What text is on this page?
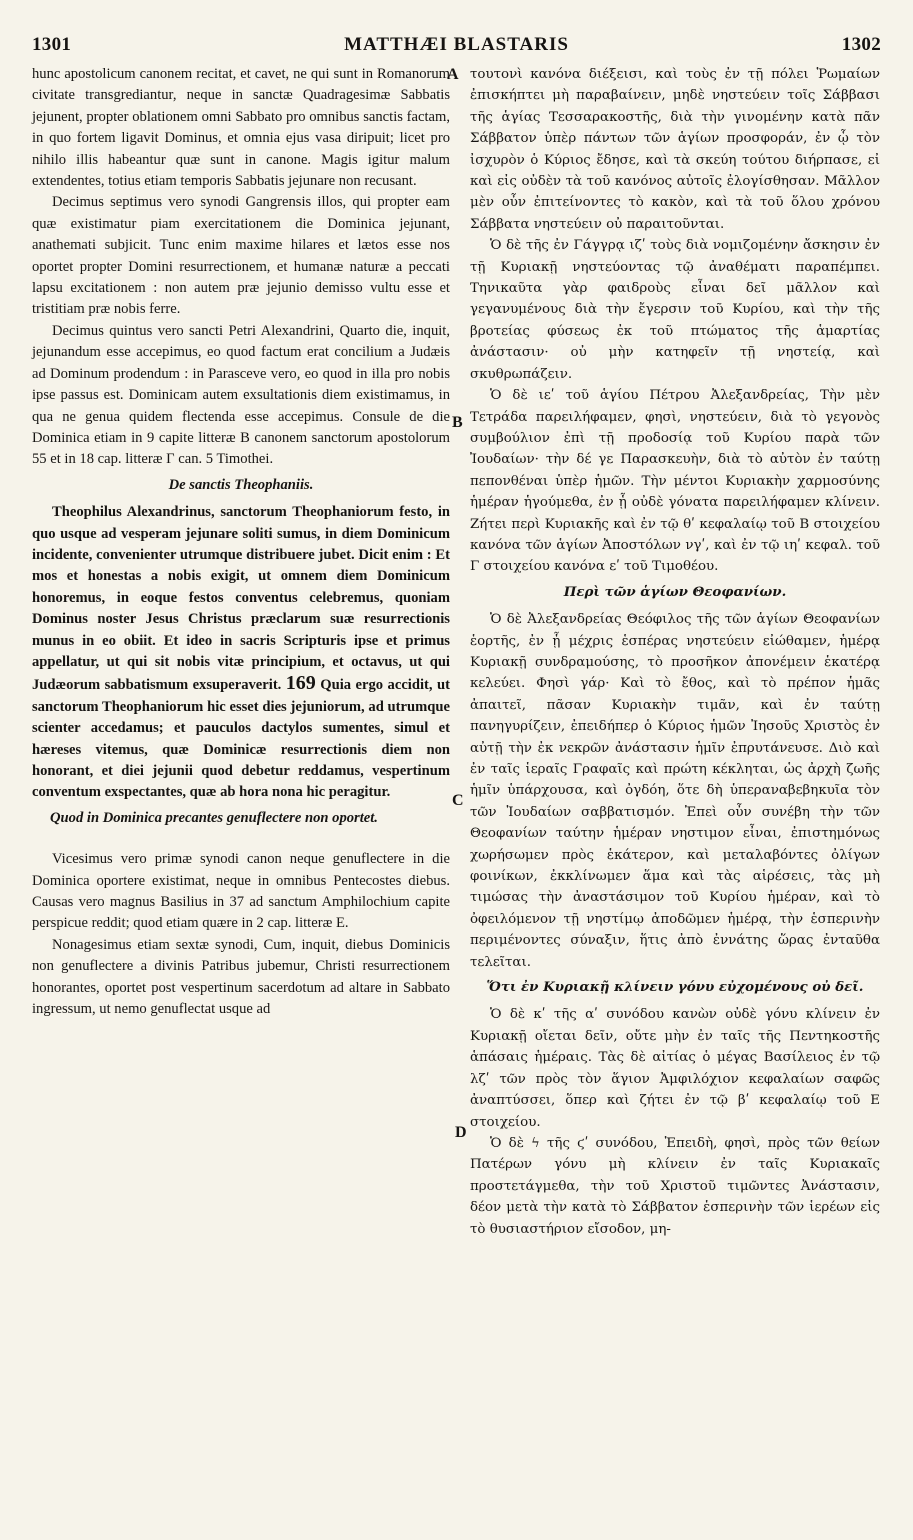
1301	MATTHÆI BLASTARIS	1302
A
B
C
D

hunc apostolicum canonem recitat, et cavet, ne qui sunt in Romanorum civitate transgrediantur, neque in sanctæ Quadragesimæ Sabbatis jejunent, propter oblationem omni Sabbato pro omnibus sanctis factam, in quo fortem ligavit Dominus, et omnia ejus vasa diripuit; licet pro nihilo illis habeantur quæ sunt in canone. Magis igitur malum extendentes, totius etiam temporis Sabbatis jejunare non recusant.

Decimus septimus vero synodi Gangrensis illos, qui propter eam quæ existimatur piam exercitationem die Dominica jejunant, anathemati subjicit. Tunc enim maxime hilares et lætos esse nos oportet propter Domini resurrectionem, et humanæ naturæ a peccati lapsu excitationem : non autem præ jejunio demisso vultu esse et tristitiam præ nobis ferre.

Decimus quintus vero sancti Petri Alexandrini, Quarto die, inquit, jejunandum esse accepimus, eo quod factum erat concilium a Judæis ad Dominum prodendum : in Parasceve vero, eo quod in illa pro nobis ipse passus est. Dominicam autem exsultationis diem existimamus, in qua ne genua quidem flectenda esse accepimus. Consule de die Dominica etiam in 9 capite litteræ B canonem sanctorum apostolorum 55 et in 18 cap. litteræ Γ can. 5 Timothei.

De sanctis Theophaniis.

Theophilus Alexandrinus, sanctorum Theophaniorum festo, in quo usque ad vesperam jejunare soliti sumus, in diem Dominicum incidente, convenienter utrumque distribuere jubet. Dicit enim : Et mos et honestas a nobis exigit, ut omnem diem Dominicum honoremus, in eoque festos conventus celebremus, quoniam Dominus noster Jesus Christus præclarum suæ resurrectionis munus in eo obiit. Et ideo in sacris Scripturis ipse et primus appellatur, ut qui sit nobis vitæ principium, et octavus, ut qui Judæorum sabbatismum exsuperaverit. 169 Quia ergo accidit, ut sanctorum Theophaniorum hic esset dies jejuniorum, ad utrumque scienter accedamus; et pauculos dactylos sumentes, simul et hæreses vitemus, quæ Dominicæ resurrectionis diem non honorant, et diei jejunii quod debetur reddamus, vespertinum conventum exspectantes, quæ ab hora nona hic peragitur.

Quod in Dominica precantes genuflectere non oportet.

Vicesimus vero primæ synodi canon neque genuflectere in die Dominica oportere existimat, neque in omnibus Pentecostes diebus. Causas vero magnus Basilius in 37 ad sanctum Amphilochium capite perspicue reddit; quod etiam quære in 2 cap. litteræ E.

Nonagesimus etiam sextæ synodi, Cum, inquit, diebus Dominicis non genuflectere a divinis Patribus jubemur, Christi resurrectionem honorantes, oportet post vespertinum sacerdotum ad altare in Sabbato ingressum, ut nemo genuflectat usque ad

τουτονὶ κανόνα διέξεισι, καὶ τοὺς ἐν τῇ πόλει Ῥωμαίων ἐπισκήπτει μὴ παραβαίνειν, μηδὲ νηστεύειν τοῖς Σάββασι τῆς ἁγίας Τεσσαρακοστῆς, διὰ τὴν γινομένην κατὰ πᾶν Σάββατον ὑπὲρ πάντων τῶν ἁγίων προσφοράν, ἐν ᾧ τὸν ἰσχυρὸν ὁ Κύριος ἔδησε, καὶ τὰ σκεύη τούτου διήρπασε, εἰ καὶ εἰς οὐδὲν τὰ τοῦ κανόνος αὐτοῖς ἐλογίσθησαν. Μᾶλλον μὲν οὖν ἐπιτείνοντες τὸ κακὸν, καὶ τὰ τοῦ ὅλου χρόνου Σάββατα νηστεύειν οὐ παραιτοῦνται.

Ὁ δὲ τῆς ἐν Γάγγρᾳ ιζʹ τοὺς διὰ νομιζομένην ἄσκησιν ἐν τῇ Κυριακῇ νηστεύοντας τῷ ἀναθέματι παραπέμπει. Τηνικαῦτα γὰρ φαιδροὺς εἶναι δεῖ μᾶλλον καὶ γεγανυμένους διὰ τὴν ἔγερσιν τοῦ Κυρίου, καὶ τὴν τῆς βροτείας φύσεως ἐκ τοῦ πτώματος τῆς ἁμαρτίας ἀνάστασιν· οὐ μὴν κατηφεῖν τῇ νηστείᾳ, καὶ σκυθρωπάζειν.

Ὁ δὲ ιεʹ τοῦ ἁγίου Πέτρου Ἀλεξανδρείας, Τὴν μὲν Τετράδα παρειλήφαμεν, φησὶ, νηστεύειν, διὰ τὸ γεγονὸς συμβούλιον ἐπὶ τῇ προδοσίᾳ τοῦ Κυρίου παρὰ τῶν Ἰουδαίων· τὴν δέ γε Παρασκευὴν, διὰ τὸ αὐτὸν ἐν ταύτῃ πεπονθέναι ὑπὲρ ἡμῶν. Τὴν μέντοι Κυριακὴν χαρμοσύνης ἡμέραν ἡγούμεθα, ἐν ᾗ οὐδὲ γόνατα παρειλήφαμεν κλίνειν. Ζήτει περὶ Κυριακῆς καὶ ἐν τῷ θʹ κεφαλαίῳ τοῦ Β στοιχείου κανόνα τῶν ἁγίων Ἀποστόλων νγʹ, καὶ ἐν τῷ ιηʹ κεφαλ. τοῦ Γ στοιχείου κανόνα εʹ τοῦ Τιμοθέου.

Περὶ τῶν ἁγίων Θεοφανίων.

Ὁ δὲ Ἀλεξανδρείας Θεόφιλος τῆς τῶν ἁγίων Θεοφανίων ἑορτῆς, ἐν ᾗ μέχρις ἑσπέρας νηστεύειν εἰώθαμεν, ἡμέρᾳ Κυριακῇ συνδραμούσης, τὸ προσῆκον ἀπονέμειν ἑκατέρᾳ κελεύει. Φησὶ γάρ· Καὶ τὸ ἔθος, καὶ τὸ πρέπον ἡμᾶς ἀπαιτεῖ, πᾶσαν Κυριακὴν τιμᾶν, καὶ ἐν ταύτῃ πανηγυρίζειν, ἐπειδήπερ ὁ Κύριος ἡμῶν Ἰησοῦς Χριστὸς ἐν αὐτῇ τὴν ἐκ νεκρῶν ἀνάστασιν ἡμῖν ἐπρυτάνευσε. Διὸ καὶ ἐν ταῖς ἱεραῖς Γραφαῖς καὶ πρώτη κέκληται, ὡς ἀρχὴ ζωῆς ἡμῖν ὑπάρχουσα, καὶ ὀγδόη, ὅτε δὴ ὑπεραναβεβηκυῖα τὸν τῶν Ἰουδαίων σαββατισμόν. Ἐπεὶ οὖν συνέβη τὴν τῶν Θεοφανίων ταύτην ἡμέραν νηστιμον εἶναι, ἐπιστημόνως χωρήσωμεν πρὸς ἑκάτερον, καὶ μεταλαβόντες ὀλίγων φοινίκων, ἐκκλίνωμεν ἅμα καὶ τὰς αἱρέσεις, τὰς μὴ τιμώσας τὴν ἀναστάσιμον τοῦ Κυρίου ἡμέραν, καὶ τὸ ὀφειλόμενον τῇ νηστίμῳ ἀποδῶμεν ἡμέρᾳ, τὴν ἑσπερινὴν περιμένοντες σύναξιν, ἥτις ἀπὸ ἐννάτης ὥρας ἐνταῦθα τελεῖται.

Ὅτι ἐν Κυριακῇ κλίνειν γόνυ εὐχομένους οὐ δεῖ.

Ὁ δὲ κʹ τῆς αʹ συνόδου κανὼν οὐδὲ γόνυ κλίνειν ἐν Κυριακῇ οἴεται δεῖν, οὔτε μὴν ἐν ταῖς τῆς Πεντηκοστῆς ἁπάσαις ἡμέραις. Τὰς δὲ αἰτίας ὁ μέγας Βασίλειος ἐν τῷ λζʹ τῶν πρὸς τὸν ἅγιον Ἀμφιλόχιον κεφαλαίων σαφῶς ἀναπτύσσει, ὅπερ καὶ ζήτει ἐν τῷ βʹ κεφαλαίῳ τοῦ Ε στοιχείου.

Ὁ δὲ ϟ τῆς ϛʹ συνόδου, Ἐπειδὴ, φησὶ, πρὸς τῶν θείων Πατέρων γόνυ μὴ κλίνειν ἐν ταῖς Κυριακαῖς προστετάγμεθα, τὴν τοῦ Χριστοῦ τιμῶντες Ἀνάστασιν, δέον μετὰ τὴν κατὰ τὸ Σάββατον ἑσπερινὴν τῶν ἱερέων εἰς τὸ θυσιαστήριον εἴσοδον, μη-
